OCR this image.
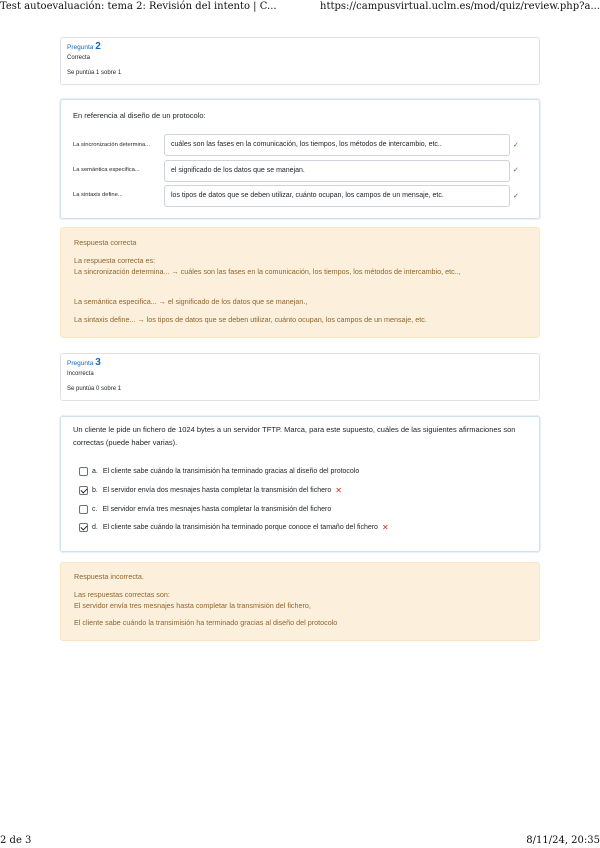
Test autoevaluación: tema 2: Revisión del intento | C...	https://campusvirtual.uclm.es/mod/quiz/review.php?a...
Pregunta 2
Correcta
Se puntúa 1 sobre 1
En referencia al diseño de un protocolo:
La sincronización determina...	cuáles son las fases en la comunicación, los tiempos, los métodos de intercambio, etc..	✓
La semántica especifica...	el significado de los datos que se manejan.	✓
La sintaxis define...	los tipos de datos que se deben utilizar, cuánto ocupan, los campos de un mensaje, etc.	✓
Respuesta correcta
La respuesta correcta es:
La sincronización determina... → cuáles son las fases en la comunicación, los tiempos, los métodos de intercambio, etc..,
La semántica especifica... → el significado de los datos que se manejan.,
La sintaxis define... → los tipos de datos que se deben utilizar, cuánto ocupan, los campos de un mensaje, etc.
Pregunta 3
Incorrecta
Se puntúa 0 sobre 1
Un cliente le pide un fichero de 1024 bytes a un servidor TFTP. Marca, para este supuesto, cuáles de las siguientes afirmaciones son correctas (puede haber varias).
a. El cliente sabe cuándo la transimisión ha terminado gracias al diseño del protocolo
b. El servidor envía dos mesnajes hasta completar la transmisión del fichero ✕
c. El servidor envía tres mesnajes hasta completar la transmisión del fichero
d. El cliente sabe cuándo la transimisión ha terminado porque conoce el tamaño del fichero ✕
Respuesta incorrecta.
Las respuestas correctas son:
El servidor envía tres mesnajes hasta completar la transmisión del fichero,
El cliente sabe cuándo la transimisión ha terminado gracias al diseño del protocolo
2 de 3	8/11/24, 20:35
